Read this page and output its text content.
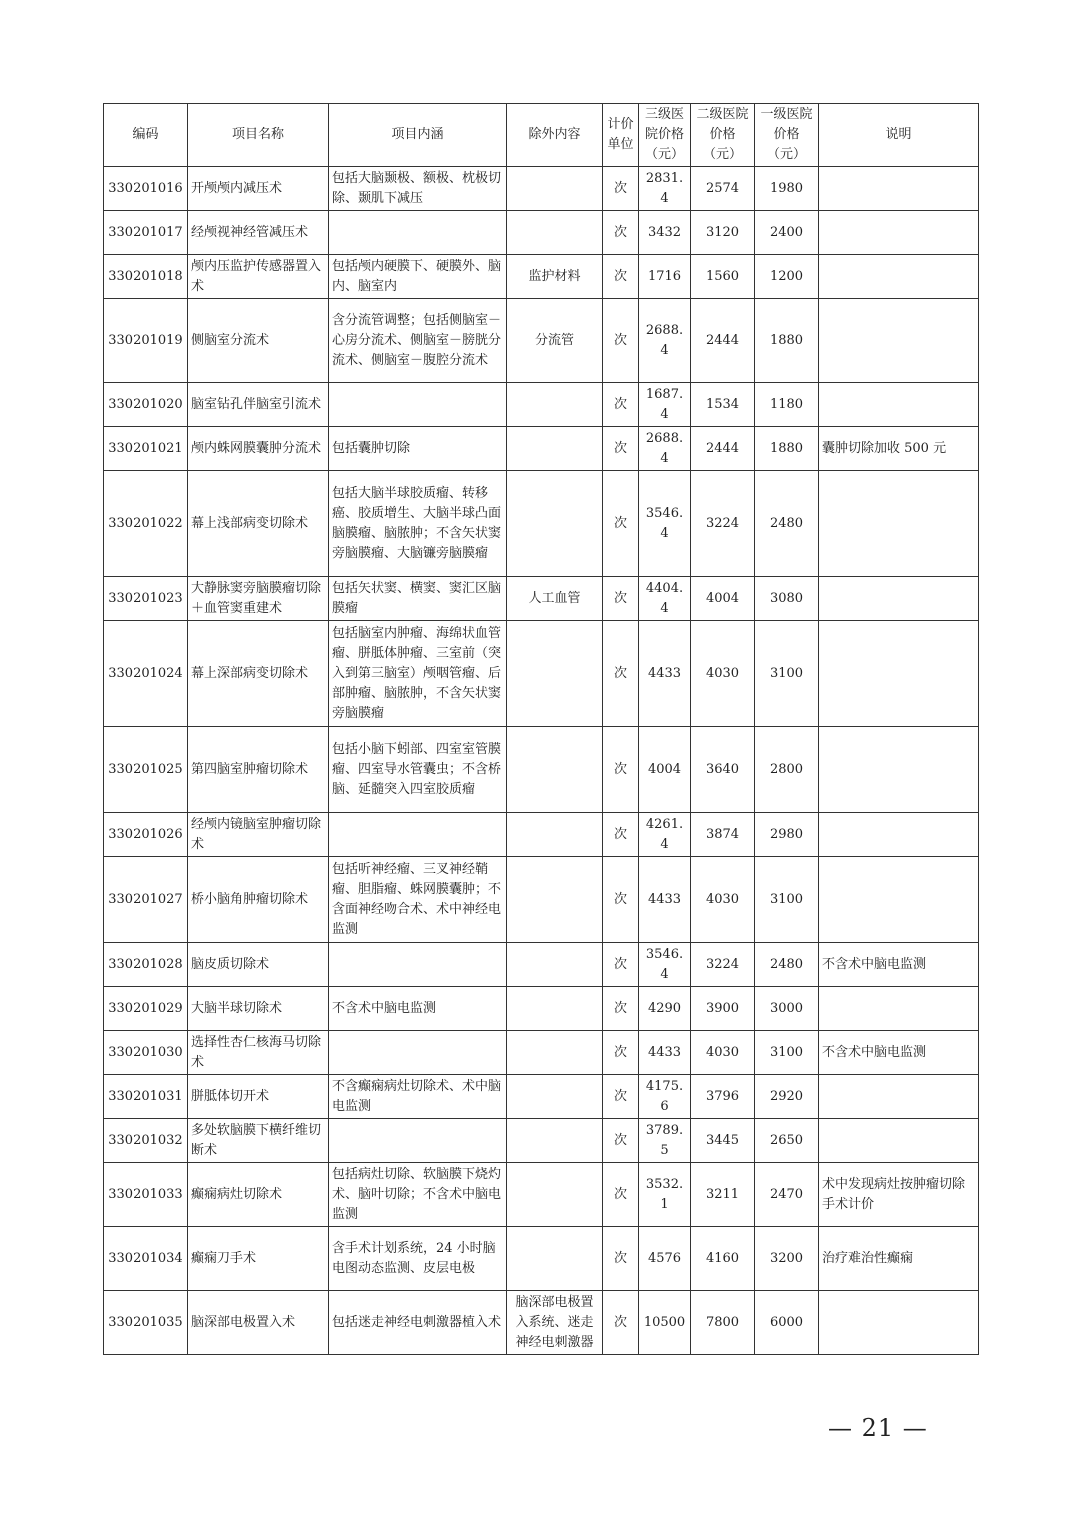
编码	项目名称	项目内涵	除外内容	计价单位	三级医院价格（元）	二级医院价格（元）	一级医院价格（元）	说明
330201016	开颅颅内减压术	包括大脑颞极、额极、枕极切除、颞肌下减压		次	2831.4	2574	1980	
330201017	经颅视神经管减压术			次	3432	3120	2400	
330201018	颅内压监护传感器置入术	包括颅内硬膜下、硬膜外、脑内、脑室内	监护材料	次	1716	1560	1200	
330201019	侧脑室分流术	含分流管调整；包括侧脑室－心房分流术、侧脑室－膀胱分流术、侧脑室－腹腔分流术	分流管	次	2688.4	2444	1880	
330201020	脑室钻孔伴脑室引流术			次	1687.4	1534	1180	
330201021	颅内蛛网膜囊肿分流术	包括囊肿切除		次	2688.4	2444	1880	囊肿切除加收 500 元
330201022	幕上浅部病变切除术	包括大脑半球胶质瘤、转移癌、胶质增生、大脑半球凸面脑膜瘤、脑脓肿；不含矢状窦旁脑膜瘤、大脑镰旁脑膜瘤		次	3546.4	3224	2480	
330201023	大静脉窦旁脑膜瘤切除＋血管窦重建术	包括矢状窦、横窦、窦汇区脑膜瘤	人工血管	次	4404.4	4004	3080	
330201024	幕上深部病变切除术	包括脑室内肿瘤、海绵状血管瘤、胼胝体肿瘤、三室前（突入到第三脑室）颅咽管瘤、后部肿瘤、脑脓肿，不含矢状窦旁脑膜瘤		次	4433	4030	3100	
330201025	第四脑室肿瘤切除术	包括小脑下蚓部、四室室管膜瘤、四室导水管囊虫；不含桥脑、延髓突入四室胶质瘤		次	4004	3640	2800	
330201026	经颅内镜脑室肿瘤切除术			次	4261.4	3874	2980	
330201027	桥小脑角肿瘤切除术	包括听神经瘤、三叉神经鞘瘤、胆脂瘤、蛛网膜囊肿；不含面神经吻合术、术中神经电监测		次	4433	4030	3100	
330201028	脑皮质切除术			次	3546.4	3224	2480	不含术中脑电监测
330201029	大脑半球切除术	不含术中脑电监测		次	4290	3900	3000	
330201030	选择性杏仁核海马切除术			次	4433	4030	3100	不含术中脑电监测
330201031	胼胝体切开术	不含癫痫病灶切除术、术中脑电监测		次	4175.6	3796	2920	
330201032	多处软脑膜下横纤维切断术			次	3789.5	3445	2650	
330201033	癫痫病灶切除术	包括病灶切除、软脑膜下烧灼术、脑叶切除；不含术中脑电监测		次	3532.1	3211	2470	术中发现病灶按肿瘤切除手术计价
330201034	癫痫刀手术	含手术计划系统，24 小时脑电图动态监测、皮层电极		次	4576	4160	3200	治疗难治性癫痫
330201035	脑深部电极置入术	包括迷走神经电刺激器植入术	脑深部电极置入系统、迷走神经电刺激器	次	10500	7800	6000	
— 21 —
